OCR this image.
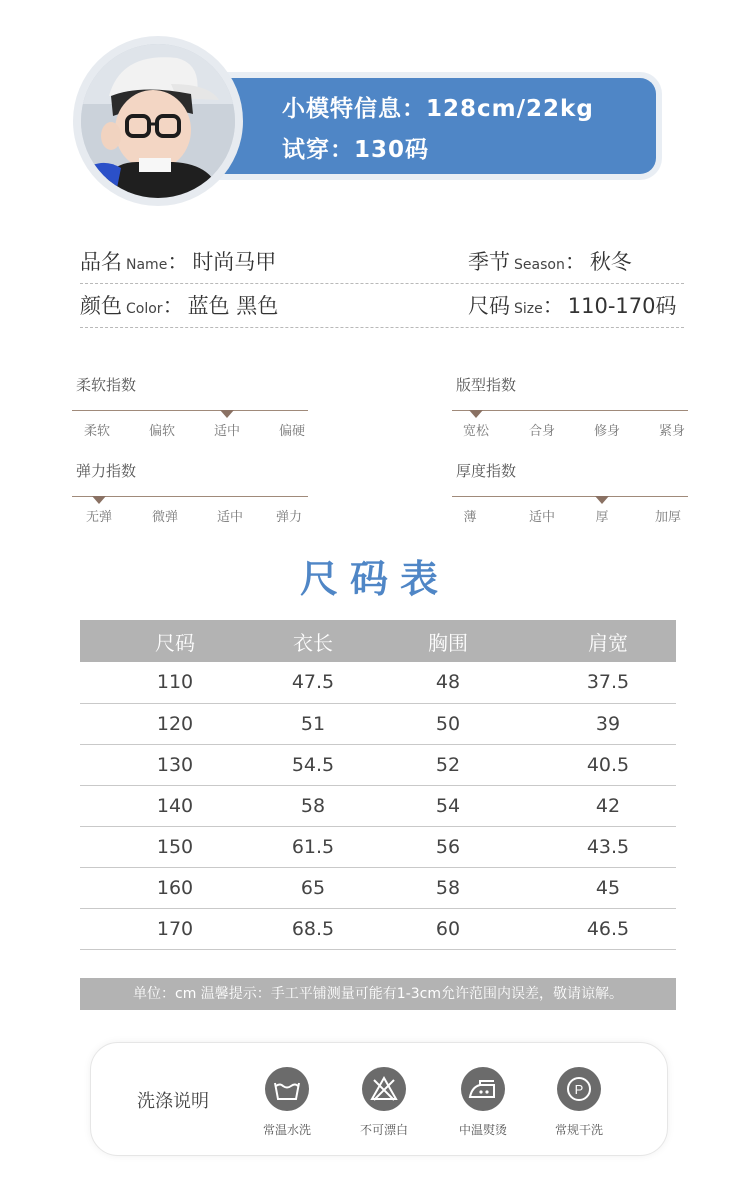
小模特信息：128cm/22kg
试穿：130码
品名 Name： 时尚马甲	季节 Season： 秋冬
颜色 Color： 蓝色 黑色	尺码 Size： 110-170码
柔软指数
柔软	偏软	适中	偏硬
版型指数
宽松	合身	修身	紧身
弹力指数
无弹	微弹	适中	弹力
厚度指数
薄	适中	厚	加厚
尺码表
尺码	衣长	胸围	肩宽
110	47.5	48	37.5
120	51	50	39
130	54.5	52	40.5
140	58	54	42
150	61.5	56	43.5
160	65	58	45
170	68.5	60	46.5
单位：cm 温馨提示：手工平铺测量可能有1-3cm允许范围内误差，敬请谅解。
洗涤说明
常温水洗	不可漂白	中温熨烫
P
常规干洗
